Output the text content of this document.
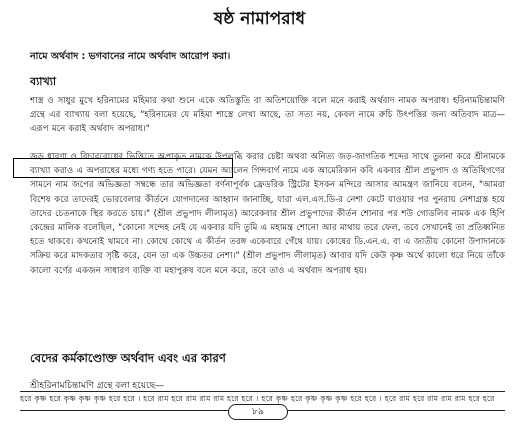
ষষ্ঠ নামাপরাধ
নামে অর্থবাদ : ভগবানের নামে অর্থবাদ আরোপ করা।
ব্যাখ্যা
শাস্ত্র ও সাধুর মুখে হরিনামের মহিমার কথা শুনে একে অতিস্তুতি বা অতিশয়োক্তি বলে মনে করাই অর্থবাদ নামক অপরাধ। হরিনামচিন্তামণি গ্রন্থে এর ব্যাখ্যায় বলা হয়েছে, "হরিনামের যে মহিমা শাস্ত্রে লেখা আছে, তা সত্য নয়, কেবল নামে রুচি উৎপত্তির জন্য অতিবাদ মাত্র— এরূপ মনে করাই অর্থবাদ অপরাধ।"
জড় ধারণা ও বিচারবোধের ভিত্তিতে অপ্রাকৃত নামকে উপলব্ধি করার চেষ্টা অথবা অনিত্য জড়-জাগতিক শব্দের সাথে তুলনা করে শ্রীনামকে ব্যাখ্যা করাও এ অপরাধের মধ্যে গণ্য হতে পারে। যেমন অ্যালেন গিন্সবার্গ নামে এক আমেরিকান কবি একবার শ্রীল প্রভুপাদ ও অতিথিগণের সামনে নাম জপের অভিজ্ঞতা সম্বন্ধে তার অভিজ্ঞতা বর্ণনাপূর্বক ফ্রেডরিক স্ট্রিটের ইসকন মন্দিরে আসার আমন্ত্রণ জানিয়ে বলেন, "আমরা বিশেষ করে তাদেরই ভোরবেলার কীর্তনে যোগদানের আহ্বান জানাচ্ছি, যারা এল.এস.ডি-র নেশা কেটে যাওয়ার পর পুনরায় নেশাগ্রস্ত হয়ে তাদের চেতনাকে স্থির করতে চায়।" (শ্রীল প্রভুপাদ লীলামৃত) আরেকবার শ্রীল প্রভুপাদের কীর্তন শোনার পর শউ গোডলিব নামক এক হিপি কেন্দ্রের মালিক বলেছিল, "কোনো সন্দেহ নেই যে একবার যদি তুমি এ মহামন্ত্র শোনো আর মাথায় তরে ফেল, তবে সেখানেই তা প্রতিধ্বনিত হতে থাকবে। কখনোই থামবে না। কোথে কোথে এ কীর্তন তরঙ্গ একেবারে গেঁথে যায়। কোষের ডি.এন.এ. বা এ জাতীয় কোনো উপাদানকে সক্রিয় করে মাদকতার সৃষ্টি করে, যেন তা এক উচ্চতর নেশা।" (শ্রীল প্রভুপাদ লীলামৃত) আবার যদি কেউ কৃষ্ণ অর্থে কালো ধরে নিয়ে তাঁকে কালো বর্ণের একজন সাধারণ ব্যক্তি বা মহাপুরুষ বলে মনে করে, তবে তাও এ অর্থবাদ অপরাধ হয়।
বেদের কর্মকাণ্ডোক্ত অর্থবাদ এবং এর কারণ
শ্রীহরিনামচিন্তামণি গ্রন্থে বলা হয়েছে—
হরে কৃষ্ণ হরে কৃষ্ণ কৃষ্ণ কৃষ্ণ হরে হরে । হরে রাম হরে রাম রাম রাম হরে হরে । হরে কৃষ্ণ হরে কৃষ্ণ কৃষ্ণ কৃষ্ণ হরে হরে । হরে রাম হরে রাম রাম রাম হরে হরে
৮৯
